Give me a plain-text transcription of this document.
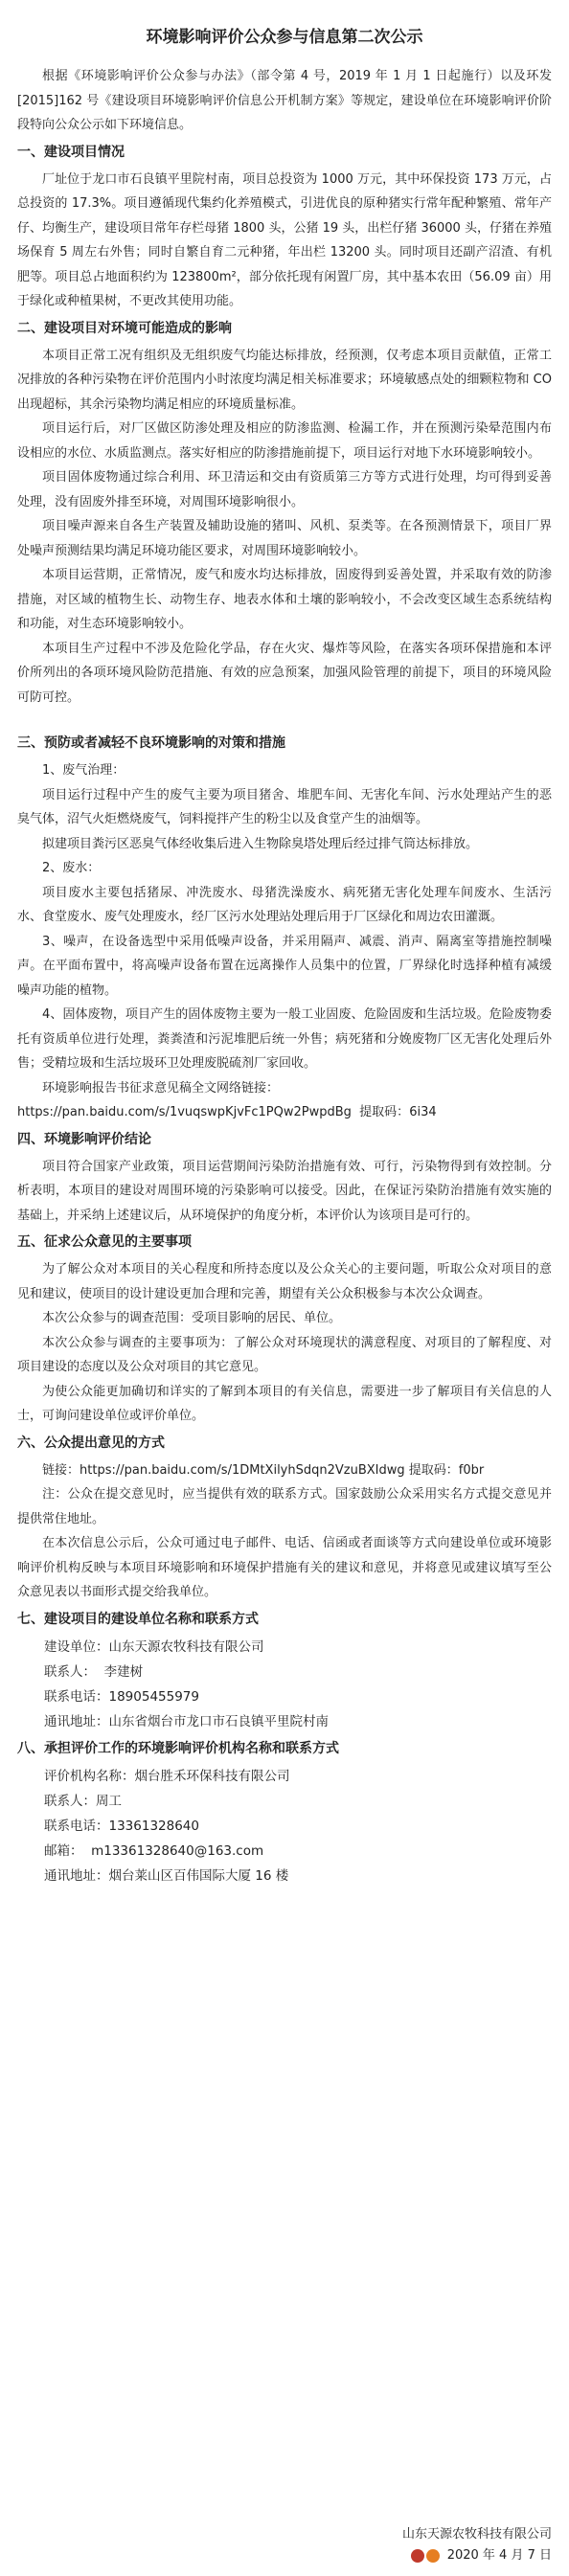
环境影响评价公众参与信息第二次公示

根据《环境影响评价公众参与办法》（部令第 4 号，2019 年 1 月 1 日起施行）以及环发[2015]162 号《建设项目环境影响评价信息公开机制方案》等规定，建设单位在环境影响评价阶段特向公众公示如下环境信息。

一、建设项目情况

厂址位于龙口市石良镇平里院村南，项目总投资为 1000 万元，其中环保投资 173 万元，占总投资的 17.3%。项目遵循现代集约化养殖模式，引进优良的原种猪实行常年配种繁殖、常年产仔、均衡生产，建设项目常年存栏母猪 1800 头，公猪 19 头，出栏仔猪 36000 头，仔猪在养殖场保育 5 周左右外售；同时自繁自育二元种猪，年出栏 13200 头。同时项目还副产沼渣、有机肥等。项目总占地面积约为 123800m²，部分依托现有闲置厂房，其中基本农田（56.09 亩）用于绿化或种植果树，不更改其使用功能。

二、建设项目对环境可能造成的影响

本项目正常工况有组织及无组织废气均能达标排放，经预测，仅考虑本项目贡献值，正常工况排放的各种污染物在评价范围内小时浓度均满足相关标准要求；环境敏感点处的细颗粒物和 CO 出现超标，其余污染物均满足相应的环境质量标准。

项目运行后，对厂区做区防渗处理及相应的防渗监测、检漏工作，并在预测污染晕范围内布设相应的水位、水质监测点。落实好相应的防渗措施前提下，项目运行对地下水环境影响较小。

项目固体废物通过综合利用、环卫清运和交由有资质第三方等方式进行处理，均可得到妥善处理，没有固废外排至环境，对周围环境影响很小。

项目噪声源来自各生产装置及辅助设施的猪叫、风机、泵类等。在各预测情景下，项目厂界处噪声预测结果均满足环境功能区要求，对周围环境影响较小。

本项目运营期，正常情况，废气和废水均达标排放，固废得到妥善处置，并采取有效的防渗措施，对区域的植物生长、动物生存、地表水体和土壤的影响较小，不会改变区域生态系统结构和功能，对生态环境影响较小。

本项目生产过程中不涉及危险化学品，存在火灾、爆炸等风险，在落实各项环保措施和本评价所列出的各项环境风险防范措施、有效的应急预案，加强风险管理的前提下，项目的环境风险可防可控。

三、预防或者减轻不良环境影响的对策和措施

1、废气治理：

项目运行过程中产生的废气主要为项目猪舍、堆肥车间、无害化车间、污水处理站产生的恶臭气体，沼气火炬燃烧废气，饲料搅拌产生的粉尘以及食堂产生的油烟等。

拟建项目粪污区恶臭气体经收集后进入生物除臭塔处理后经过排气筒达标排放。

2、废水：

项目废水主要包括猪尿、冲洗废水、母猪洗澡废水、病死猪无害化处理车间废水、生活污水、食堂废水、废气处理废水，经厂区污水处理站处理后用于厂区绿化和周边农田灌溉。

3、噪声，在设备选型中采用低噪声设备，并采用隔声、减震、消声、隔离室等措施控制噪声。在平面布置中，将高噪声设备布置在远离操作人员集中的位置，厂界绿化时选择种植有减缓噪声功能的植物。

4、固体废物，项目产生的固体废物主要为一般工业固废、危险固废和生活垃圾。危险废物委托有资质单位进行处理，粪粪渣和污泥堆肥后统一外售；病死猪和分娩废物厂区无害化处理后外售；受精垃圾和生活垃圾环卫处理废脱硫剂厂家回收。

环境影响报告书征求意见稿全文网络链接：

https://pan.baidu.com/s/1vuqswpKjvFc1PQw2PwpdBg 提取码：6i34

四、环境影响评价结论

项目符合国家产业政策，项目运营期间污染防治措施有效、可行，污染物得到有效控制。分析表明，本项目的建设对周围环境的污染影响可以接受。因此，在保证污染防治措施有效实施的基础上，并采纳上述建议后，从环境保护的角度分析，本评价认为该项目是可行的。

五、征求公众意见的主要事项

为了解公众对本项目的关心程度和所持态度以及公众关心的主要问题，听取公众对项目的意见和建议，使项目的设计建设更加合理和完善，期望有关公众积极参与本次公众调查。

本次公众参与的调查范围：受项目影响的居民、单位。

本次公众参与调查的主要事项为：了解公众对环境现状的满意程度、对项目的了解程度、对项目建设的态度以及公众对项目的其它意见。

为使公众能更加确切和详实的了解到本项目的有关信息，需要进一步了解项目有关信息的人士，可询问建设单位或评价单位。

六、公众提出意见的方式

链接：https://pan.baidu.com/s/1DMtXilyhSdqn2VzuBXIdwg 提取码：f0br

注：公众在提交意见时，应当提供有效的联系方式。国家鼓励公众采用实名方式提交意见并提供常住地址。

在本次信息公示后，公众可通过电子邮件、电话、信函或者面谈等方式向建设单位或环境影响评价机构反映与本项目环境影响和环境保护措施有关的建议和意见，并将意见或建议填写至公众意见表以书面形式提交给我单位。

七、建设项目的建设单位名称和联系方式
建设单位：山东天源农牧科技有限公司
联系人： 李建树
联系电话：18905455979
通讯地址：山东省烟台市龙口市石良镇平里院村南
八、承担评价工作的环境影响评价机构名称和联系方式
评价机构名称：烟台胜禾环保科技有限公司
联系人：周工
联系电话：13361328640
邮箱： m13361328640@163.com
通讯地址：烟台莱山区百伟国际大厦 16 楼
山东天源农牧科技有限公司
2020 年 4 月 7 日
